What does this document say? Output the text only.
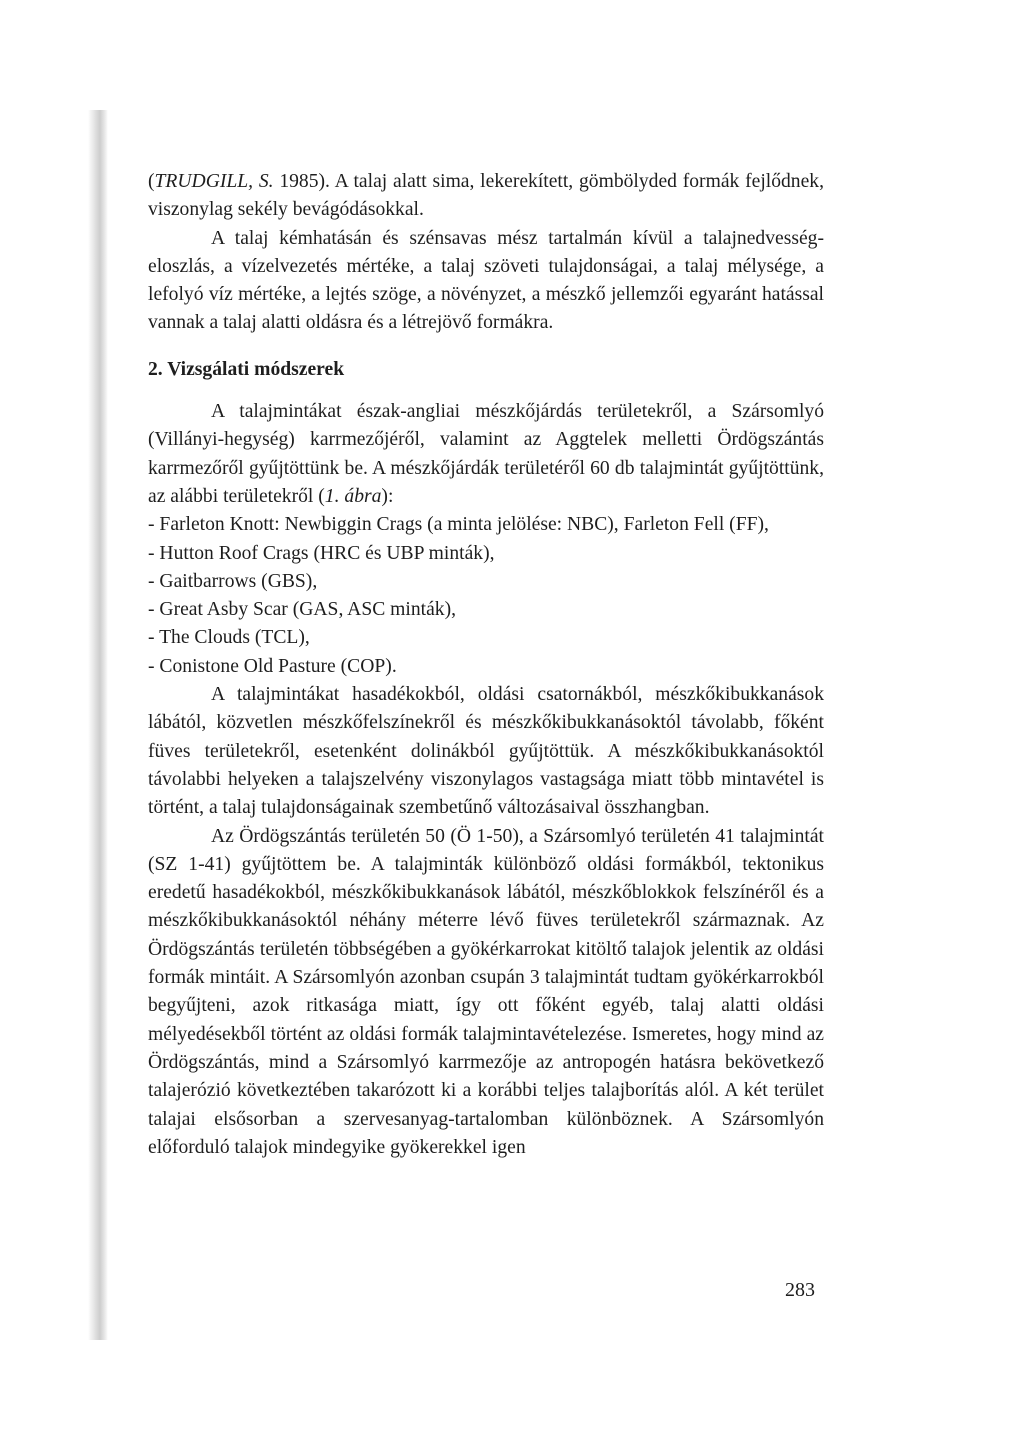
(TRUDGILL, S. 1985). A talaj alatt sima, lekerekített, gömbölyded formák fejlődnek, viszonylag sekély bevágódásokkal.

A talaj kémhatásán és szénsavas mész tartalmán kívül a talajnedvesség-eloszlás, a vízelvezetés mértéke, a talaj szöveti tulajdonságai, a talaj mélysége, a lefolyó víz mértéke, a lejtés szöge, a növényzet, a mészkő jellemzői egyaránt hatással vannak a talaj alatti oldásra és a létrejövő formákra.

2. Vizsgálati módszerek

A talajmintákat észak-angliai mészkőjárdás területekről, a Szársomlyó (Villányi-hegység) karrmezőjéről, valamint az Aggtelek melletti Ördögszántás karrmezőről gyűjtöttünk be. A mészkőjárdák területéről 60 db talajmintát gyűjtöttünk, az alábbi területekről (1. ábra):

- Farleton Knott: Newbiggin Crags (a minta jelölése: NBC), Farleton Fell (FF),

- Hutton Roof Crags (HRC és UBP minták),

- Gaitbarrows (GBS),

- Great Asby Scar (GAS, ASC minták),

- The Clouds (TCL),

- Conistone Old Pasture (COP).

A talajmintákat hasadékokból, oldási csatornákból, mészkőkibukkanások lábától, közvetlen mészkőfelszínekről és mészkőkibukkanásoktól távolabb, főként füves területekről, esetenként dolinákból gyűjtöttük. A mészkőkibukkanásoktól távolabbi helyeken a talajszelvény viszonylagos vastagsága miatt több mintavétel is történt, a talaj tulajdonságainak szembetűnő változásaival összhangban.

Az Ördögszántás területén 50 (Ö 1-50), a Szársomlyó területén 41 talajmintát (SZ 1-41) gyűjtöttem be. A talajminták különböző oldási formákból, tektonikus eredetű hasadékokból, mészkőkibukkanások lábától, mészkőblokkok felszínéről és a mészkőkibukkanásoktól néhány méterre lévő füves területekről származnak. Az Ördögszántás területén többségében a gyökérkarrokat kitöltő talajok jelentik az oldási formák mintáit. A Szársomlyón azonban csupán 3 talajmintát tudtam gyökérkarrokból begyűjteni, azok ritkasága miatt, így ott főként egyéb, talaj alatti oldási mélyedésekből történt az oldási formák talajmintavételezése. Ismeretes, hogy mind az Ördögszántás, mind a Szársomlyó karrmezője az antropogén hatásra bekövetkező talajerózió következtében takarózott ki a korábbi teljes talajborítás alól. A két terület talajai elsősorban a szervesanyag-tartalomban különböznek. A Szársomlyón előforduló talajok mindegyike gyökerekkel igen

283
